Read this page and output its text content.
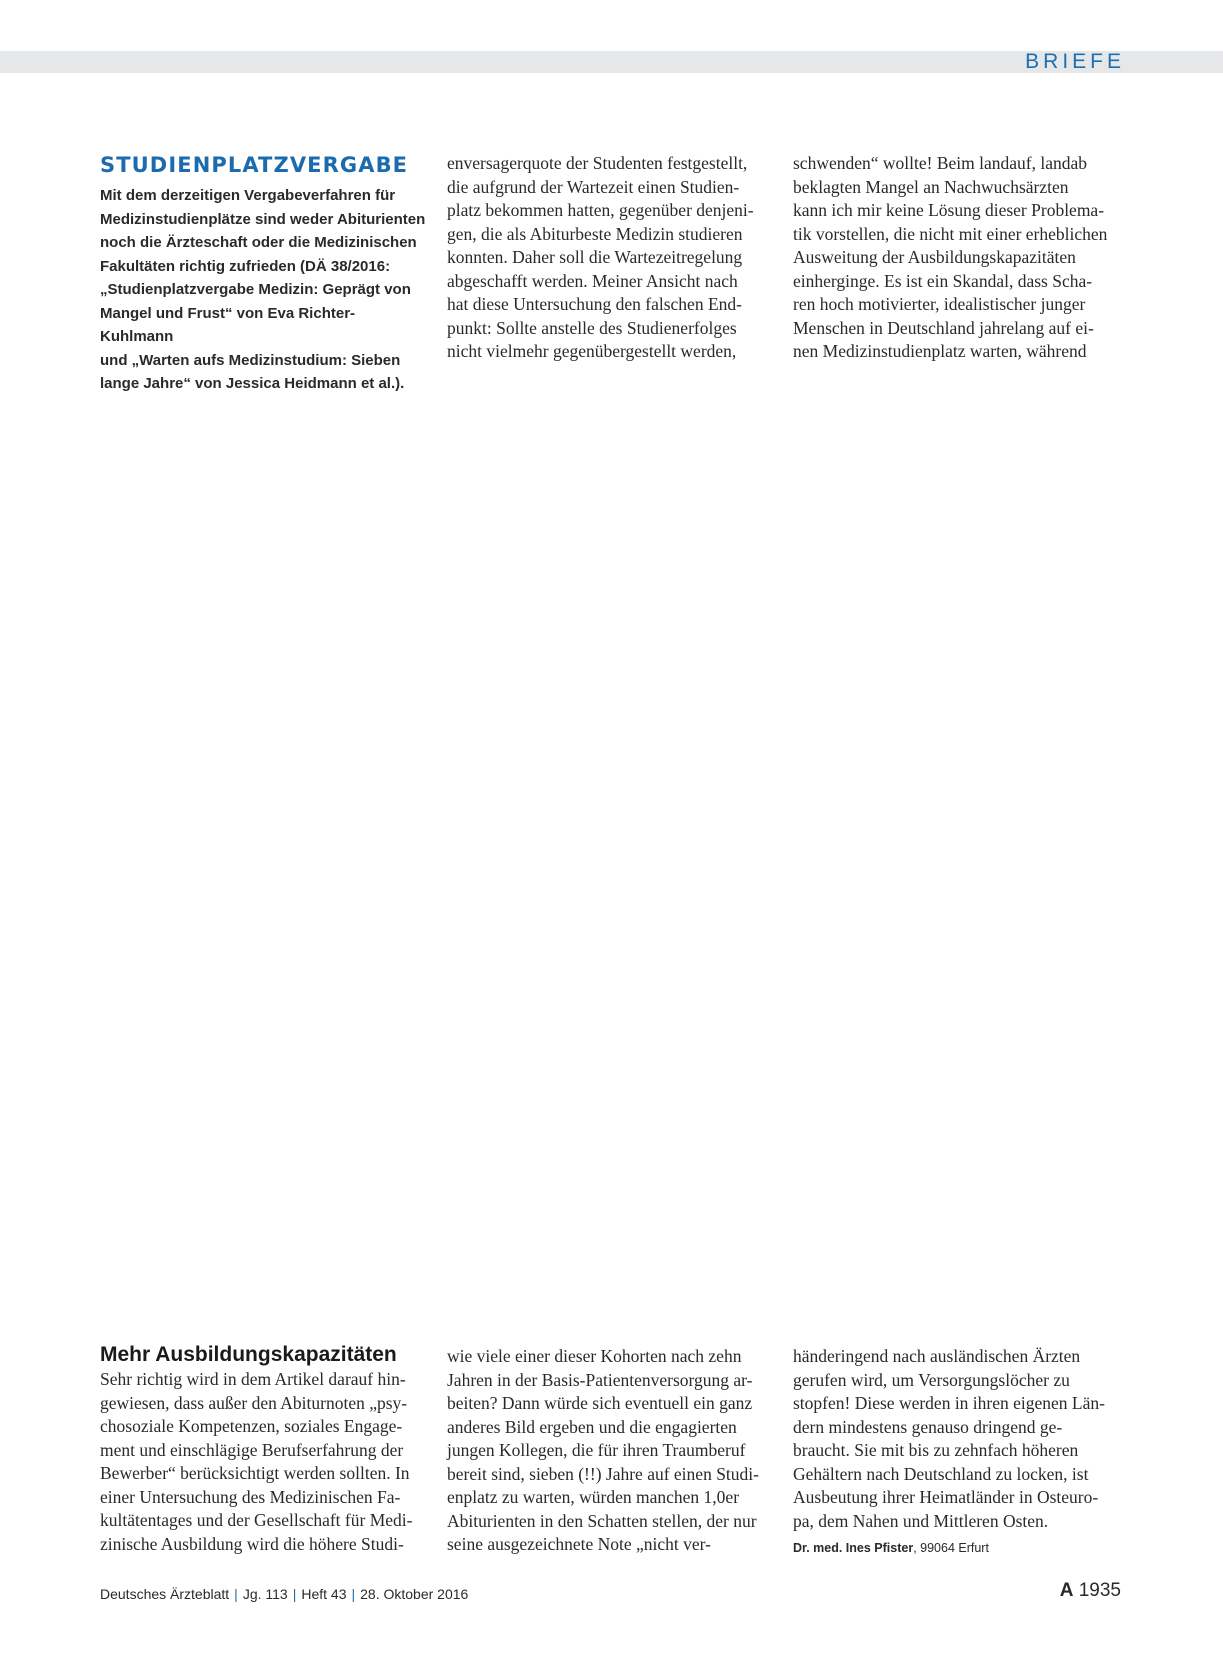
BRIEFE
STUDIENPLATZVERGABE
Mit dem derzeitigen Vergabeverfahren für
Medizinstudienplätze sind weder Abiturienten
noch die Ärzteschaft oder die Medizinischen
Fakultäten richtig zufrieden (DÄ 38/2016:
„Studienplatzvergabe Medizin: Geprägt von
Mangel und Frust“ von Eva Richter-Kuhlmann
und „Warten aufs Medizinstudium: Sieben
lange Jahre“ von Jessica Heidmann et al.).
enversagerquote der Studenten festgestellt,
die aufgrund der Wartezeit einen Studien-
platz bekommen hatten, gegenüber denjeni-
gen, die als Abiturbeste Medizin studieren
konnten. Daher soll die Wartezeitregelung
abgeschafft werden. Meiner Ansicht nach
hat diese Untersuchung den falschen End-
punkt: Sollte anstelle des Studienerfolges
nicht vielmehr gegenübergestellt werden,
schwenden“ wollte! Beim landauf, landab
beklagten Mangel an Nachwuchsärzten
kann ich mir keine Lösung dieser Problema-
tik vorstellen, die nicht mit einer erheblichen
Ausweitung der Ausbildungskapazitäten
einherginge. Es ist ein Skandal, dass Scha-
ren hoch motivierter, idealistischer junger
Menschen in Deutschland jahrelang auf ei-
nen Medizinstudienplatz warten, während
Mehr Ausbildungskapazitäten
Sehr richtig wird in dem Artikel darauf hin-
gewiesen, dass außer den Abiturnoten „psy-
chosoziale Kompetenzen, soziales Engage-
ment und einschlägige Berufserfahrung der
Bewerber“ berücksichtigt werden sollten. In
einer Untersuchung des Medizinischen Fa-
kultätentages und der Gesellschaft für Medi-
zinische Ausbildung wird die höhere Studi-
wie viele einer dieser Kohorten nach zehn
Jahren in der Basis-Patientenversorgung ar-
beiten? Dann würde sich eventuell ein ganz
anderes Bild ergeben und die engagierten
jungen Kollegen, die für ihren Traumberuf
bereit sind, sieben (!!) Jahre auf einen Studi-
enplatz zu warten, würden manchen 1,0er
Abiturienten in den Schatten stellen, der nur
seine ausgezeichnete Note „nicht ver-
händeringend nach ausländischen Ärzten
gerufen wird, um Versorgungslöcher zu
stopfen! Diese werden in ihren eigenen Län-
dern mindestens genauso dringend ge-
braucht. Sie mit bis zu zehnfach höheren
Gehältern nach Deutschland zu locken, ist
Ausbeutung ihrer Heimatländer in Osteuro-
pa, dem Nahen und Mittleren Osten.
Dr. med. Ines Pfister, 99064 Erfurt
Deutsches Ärzteblatt | Jg. 113 | Heft 43 | 28. Oktober 2016	A 1935
